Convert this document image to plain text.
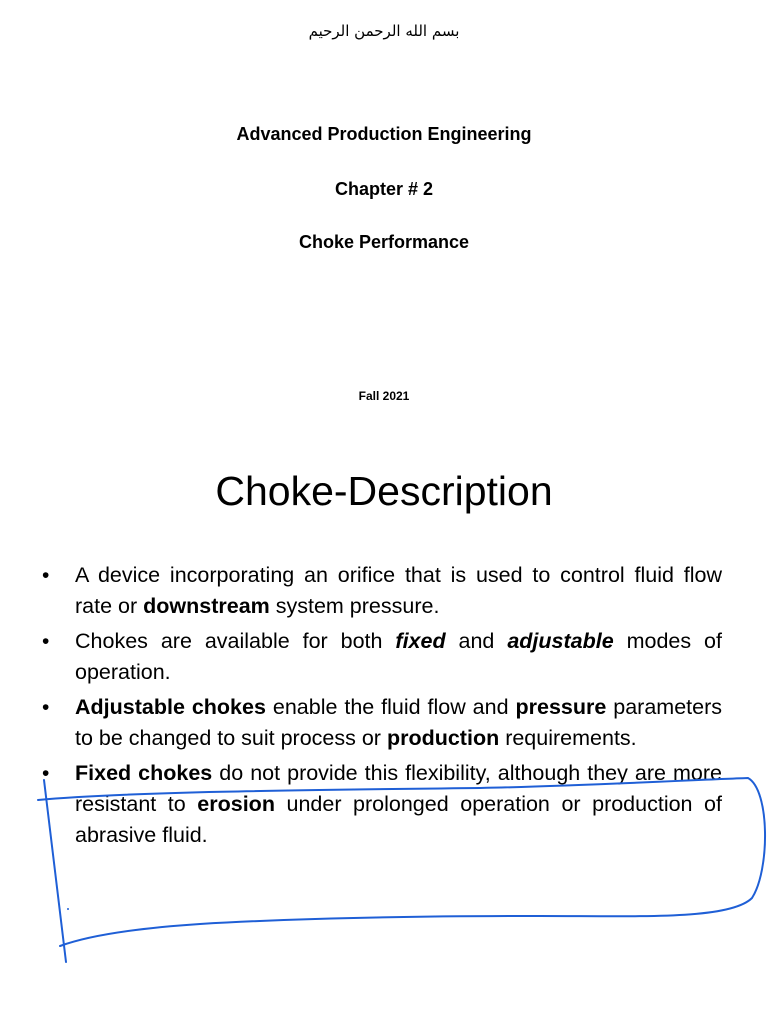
بسم الله الرحمن الرحيم
Advanced Production Engineering
Chapter # 2
Choke Performance
Fall 2021
Choke-Description
• A device incorporating an orifice that is used to control fluid flow rate or downstream system pressure.
• Chokes are available for both fixed and adjustable modes of operation.
• Adjustable chokes enable the fluid flow and pressure parameters to be changed to suit process or production requirements.
• Fixed chokes do not provide this flexibility, although they are more resistant to erosion under prolonged operation or production of abrasive fluid.
